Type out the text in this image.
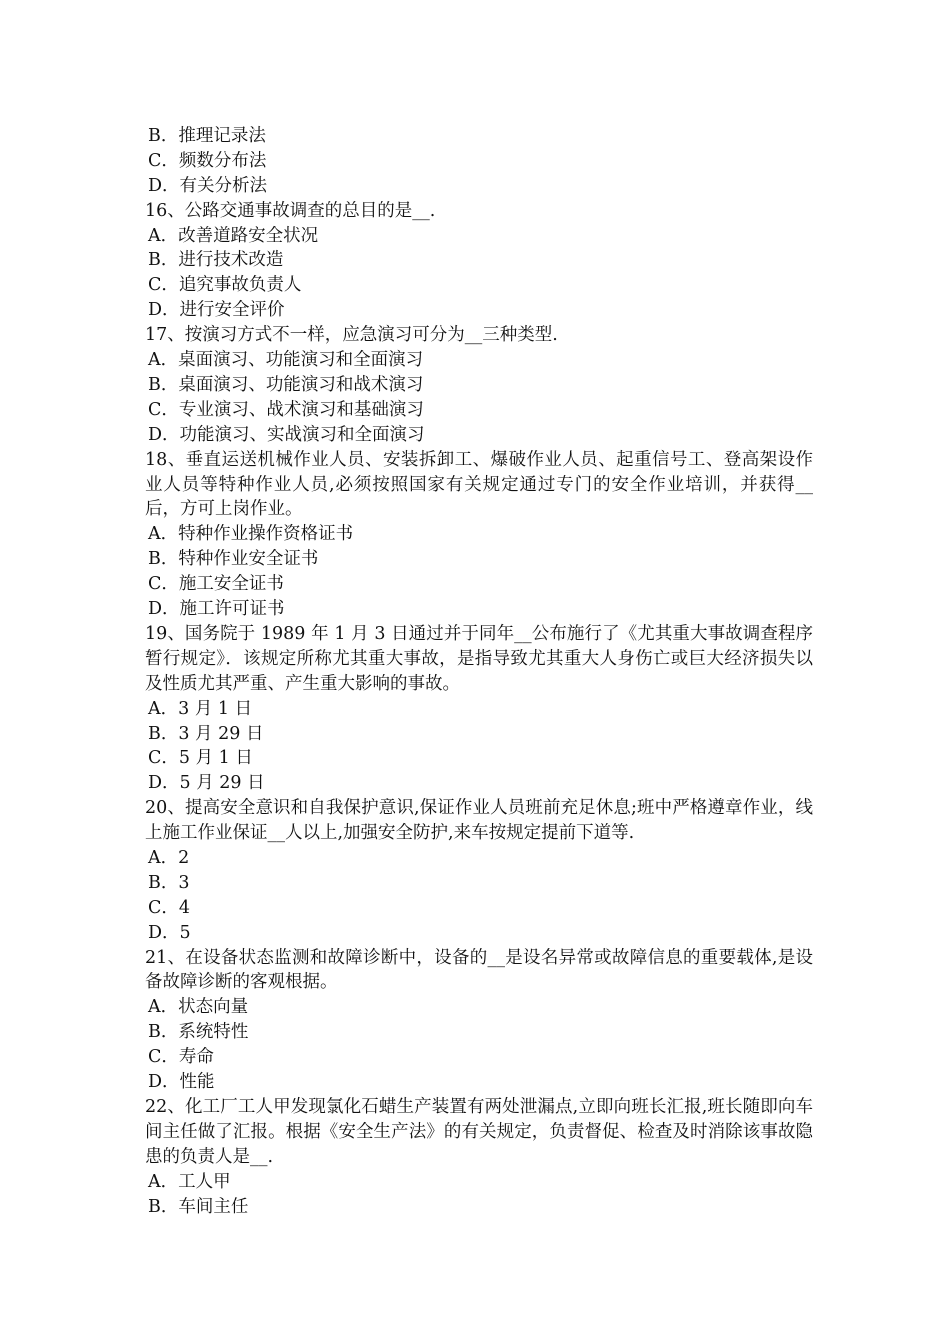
B．推理记录法
C．频数分布法
D．有关分析法
16、公路交通事故调查的总目的是__.
A．改善道路安全状况
B．进行技术改造
C．追究事故负责人
D．进行安全评价
17、按演习方式不一样，应急演习可分为__三种类型.
A．桌面演习、功能演习和全面演习
B．桌面演习、功能演习和战术演习
C．专业演习、战术演习和基础演习
D．功能演习、实战演习和全面演习
18、垂直运送机械作业人员、安装拆卸工、爆破作业人员、起重信号工、登高架设作业人员等特种作业人员,必须按照国家有关规定通过专门的安全作业培训，并获得__后，方可上岗作业。
A．特种作业操作资格证书
B．特种作业安全证书
C．施工安全证书
D．施工许可证书
19、国务院于 1989 年 1 月 3 日通过并于同年__公布施行了《尤其重大事故调查程序暂行规定》．该规定所称尤其重大事故，是指导致尤其重大人身伤亡或巨大经济损失以及性质尤其严重、产生重大影响的事故。
A．3 月 1 日
B．3 月 29 日
C．5 月 1 日
D．5 月 29 日
20、提高安全意识和自我保护意识,保证作业人员班前充足休息;班中严格遵章作业，线上施工作业保证__人以上,加强安全防护,来车按规定提前下道等.
A．2
B．3
C．4
D．5
21、在设备状态监测和故障诊断中，设备的__是设名异常或故障信息的重要载体,是设备故障诊断的客观根据。
A．状态向量
B．系统特性
C．寿命
D．性能
22、化工厂工人甲发现氯化石蜡生产装置有两处泄漏点,立即向班长汇报,班长随即向车间主任做了汇报。根据《安全生产法》的有关规定，负责督促、检查及时消除该事故隐患的负责人是__.
A．工人甲
B．车间主任
